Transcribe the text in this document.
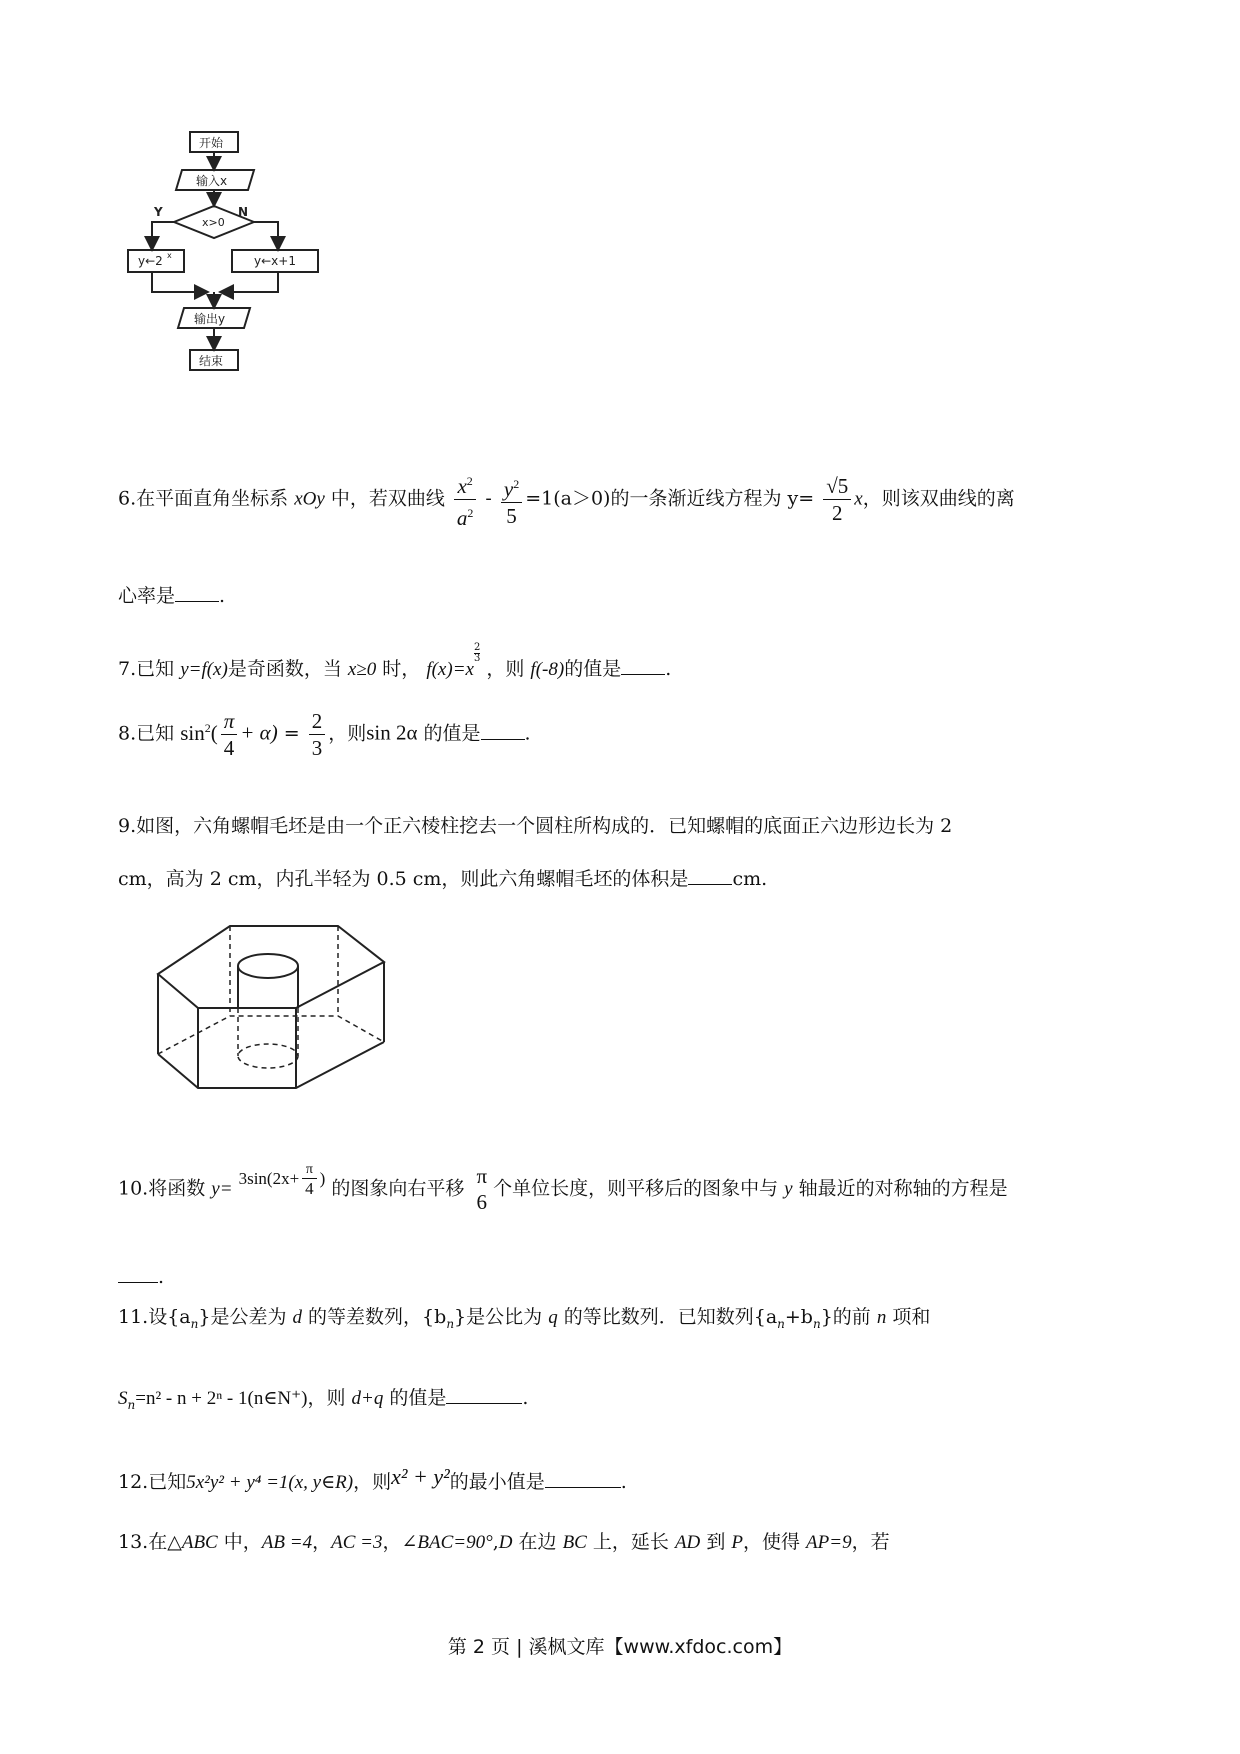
开始
输入x
x>0
Y	N
y←2 x	y←x+1
输出y
结束
6.在平面直角坐标系 xOy 中，若双曲线 $\frac{x^2}{a^2} - \frac{y^2}{5} =1(a>0)$的一条渐近线方程为 $y= \frac{√5}{2}$ x，则该双曲线的离
心率是 .
7.已知 y=f(x)是奇函数，当 x≥0 时， f(x)=x
$\frac{2}{3}$
，则 f(-8)的值是 .
8.已知 $\sin^2( \frac{\pi}{4} + \alpha) = \frac{2}{3}$ ，则sin 2α 的值是 .
9.如图，六角螺帽毛坯是由一个正六棱柱挖去一个圆柱所构成的．已知螺帽的底面正六边形边长为 2
cm，高为 2 cm，内孔半轻为 0.5 cm，则此六角螺帽毛坯的体积是 cm.
10.将函数 $y= 3\sin(2x+ \frac{\pi}{4}$ ) 的图象向右平移 π
6
个单位长度，则平移后的图象中与 y 轴最近的对称轴的方程是
.
11.设$\{a_n\}$是公差为 d 的等差数列，$\{b_n\}$是公比为 q 的等比数列．已知数列$\{a_n+b_n\}$的前 n 项和
$S_n=n^2 - n + 2^n$ - 1(n∈N⁺)，则 d+q 的值是	.
12.已知5x²y² + y⁴ =1(x, y∈R)，则x² + y²的最小值是	.
13.在△ABC 中，AB =4，AC =3，∠BAC=90°,D 在边 BC 上，延长 AD 到 P，使得 AP=9，若
第 2 页 | 溪枫文库【www.xfdoc.com】
